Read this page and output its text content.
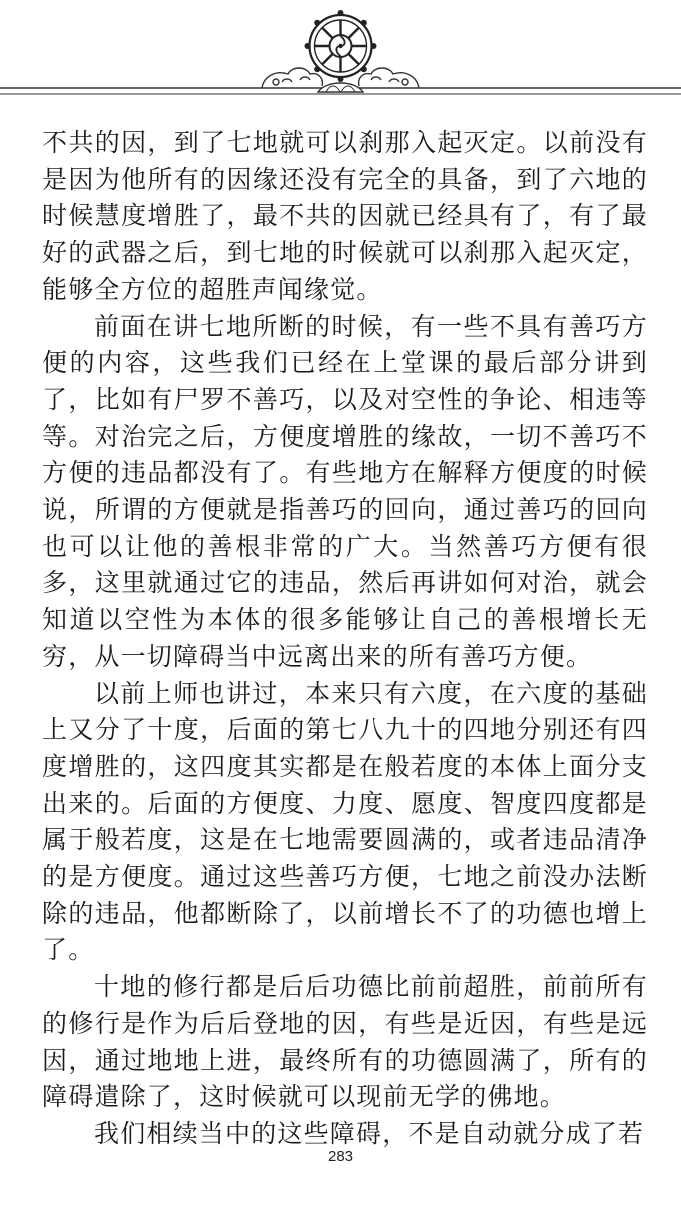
不共的因，到了七地就可以刹那入起灭定。以前没有是因为他所有的因缘还没有完全的具备，到了六地的时候慧度增胜了，最不共的因就已经具有了，有了最好的武器之后，到七地的时候就可以刹那入起灭定，能够全方位的超胜声闻缘觉。

前面在讲七地所断的时候，有一些不具有善巧方便的内容，这些我们已经在上堂课的最后部分讲到了，比如有尸罗不善巧，以及对空性的争论、相违等等。对治完之后，方便度增胜的缘故，一切不善巧不方便的违品都没有了。有些地方在解释方便度的时候说，所谓的方便就是指善巧的回向，通过善巧的回向也可以让他的善根非常的广大。当然善巧方便有很多，这里就通过它的违品，然后再讲如何对治，就会知道以空性为本体的很多能够让自己的善根增长无穷，从一切障碍当中远离出来的所有善巧方便。

以前上师也讲过，本来只有六度，在六度的基础上又分了十度，后面的第七八九十的四地分别还有四度增胜的，这四度其实都是在般若度的本体上面分支出来的。后面的方便度、力度、愿度、智度四度都是属于般若度，这是在七地需要圆满的，或者违品清净的是方便度。通过这些善巧方便，七地之前没办法断除的违品，他都断除了，以前增长不了的功德也增上了。

十地的修行都是后后功德比前前超胜，前前所有的修行是作为后后登地的因，有些是近因，有些是远因，通过地地上进，最终所有的功德圆满了，所有的障碍遣除了，这时候就可以现前无学的佛地。

我们相续当中的这些障碍，不是自动就分成了若

283
